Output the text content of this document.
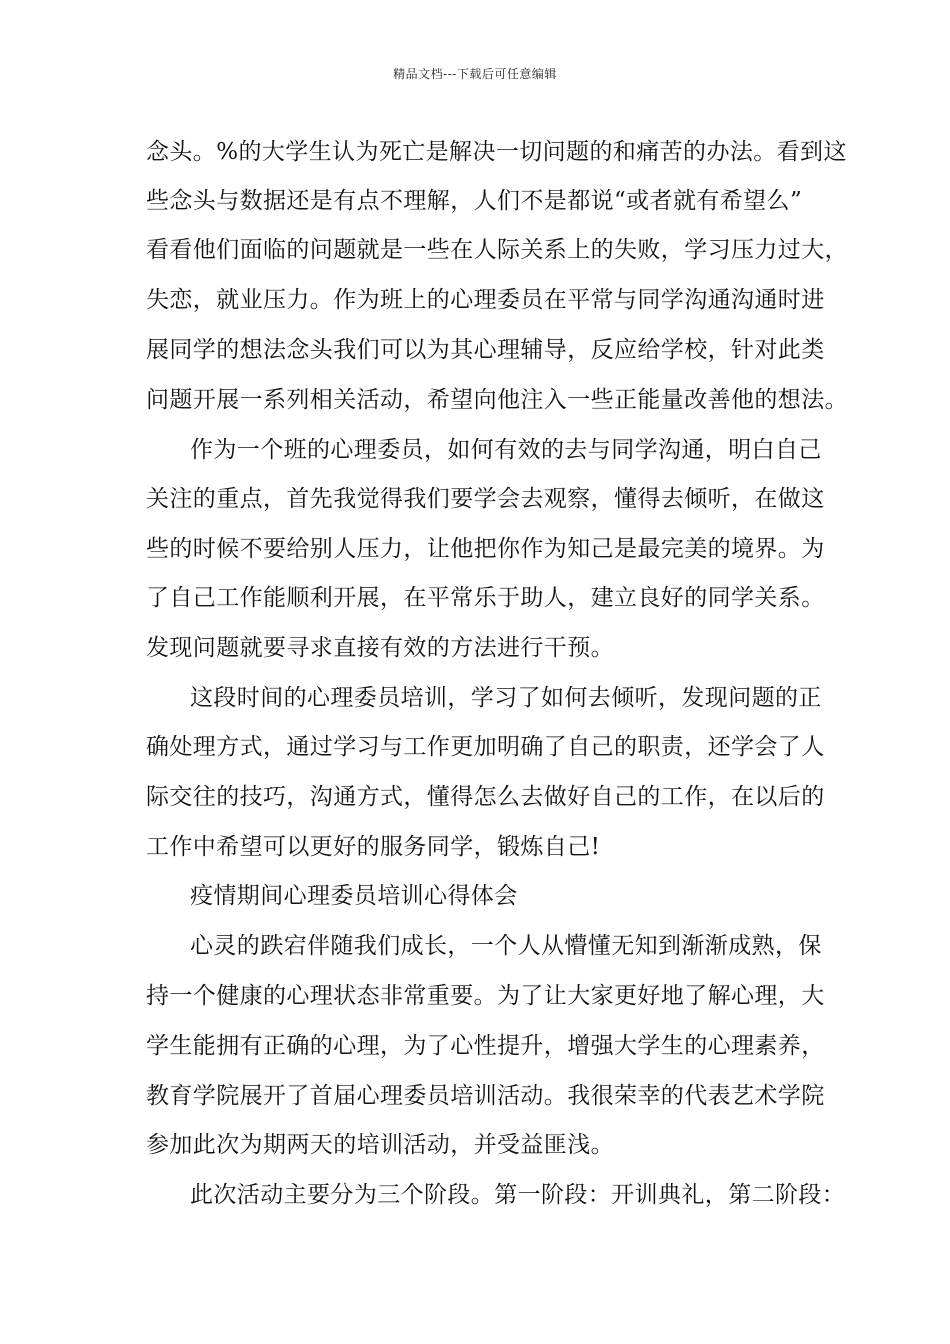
精品文档---下载后可任意编辑
念头。%的大学生认为死亡是解决一切问题的和痛苦的办法。看到这
些念头与数据还是有点不理解，人们不是都说“或者就有希望么”
看看他们面临的问题就是一些在人际关系上的失败，学习压力过大，
失恋，就业压力。作为班上的心理委员在平常与同学沟通沟通时进
展同学的想法念头我们可以为其心理辅导，反应给学校，针对此类
问题开展一系列相关活动，希望向他注入一些正能量改善他的想法。
作为一个班的心理委员，如何有效的去与同学沟通，明白自己
关注的重点，首先我觉得我们要学会去观察，懂得去倾听，在做这
些的时候不要给别人压力，让他把你作为知己是最完美的境界。为
了自己工作能顺利开展，在平常乐于助人，建立良好的同学关系。
发现问题就要寻求直接有效的方法进行干预。
这段时间的心理委员培训，学习了如何去倾听，发现问题的正
确处理方式，通过学习与工作更加明确了自己的职责，还学会了人
际交往的技巧，沟通方式，懂得怎么去做好自己的工作，在以后的
工作中希望可以更好的服务同学，锻炼自己!
疫情期间心理委员培训心得体会
心灵的跌宕伴随我们成长，一个人从懵懂无知到渐渐成熟，保
持一个健康的心理状态非常重要。为了让大家更好地了解心理，大
学生能拥有正确的心理，为了心性提升，增强大学生的心理素养，
教育学院展开了首届心理委员培训活动。我很荣幸的代表艺术学院
参加此次为期两天的培训活动，并受益匪浅。
此次活动主要分为三个阶段。第一阶段：开训典礼，第二阶段：
